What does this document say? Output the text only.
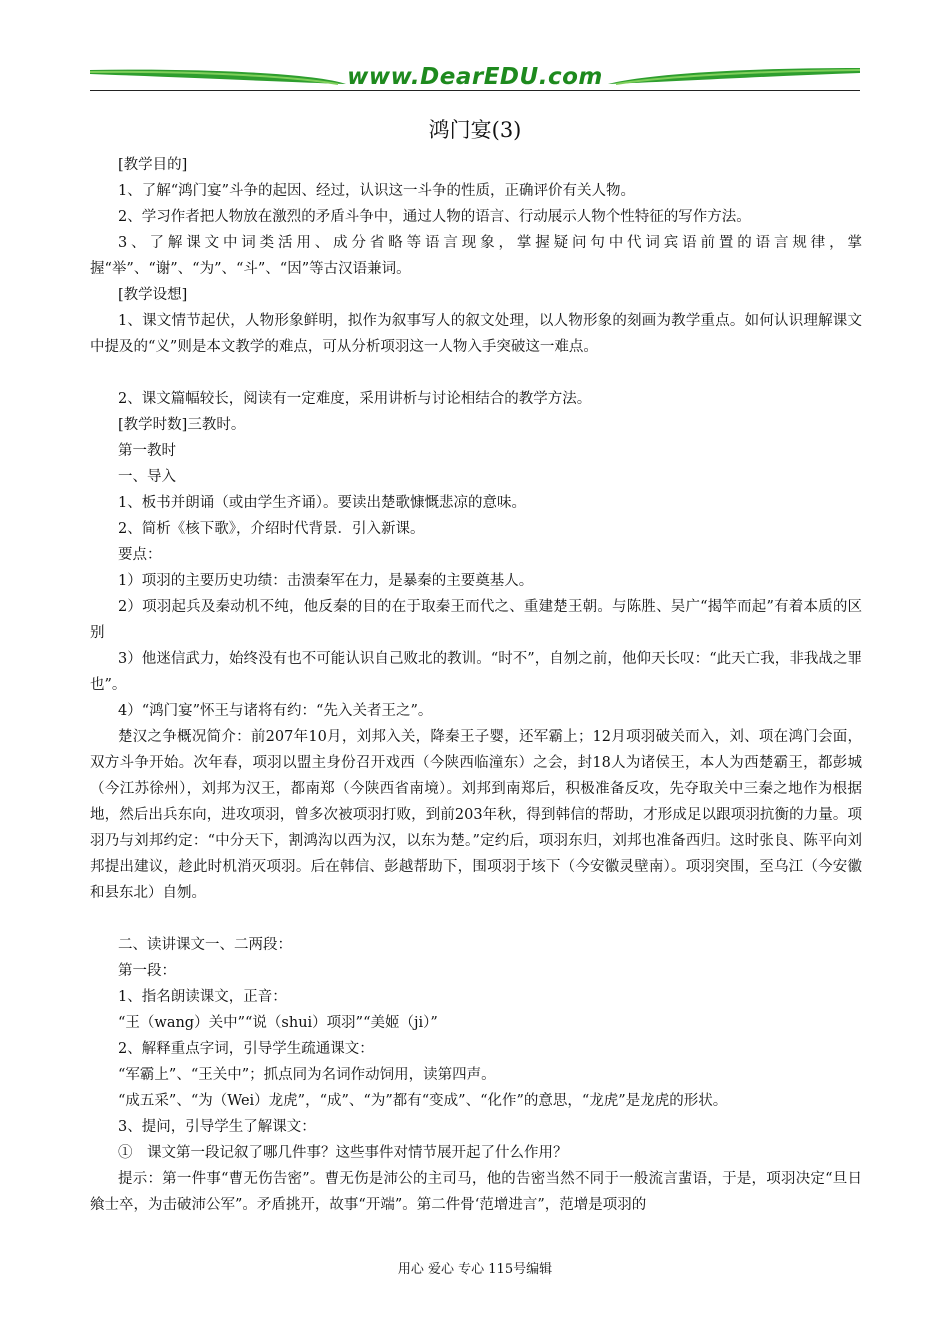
www.DearEDU.com
鸿门宴(3)

[教学目的]

1、了解“鸿门宴”斗争的起因、经过，认识这一斗争的性质，正确评价有关人物。

2、学习作者把人物放在激烈的矛盾斗争中，通过人物的语言、行动展示人物个性特征的写作方法。

3、了解课文中词类活用、成分省略等语言现象，掌握疑问句中代词宾语前置的语言规律，掌握“举”、“谢”、“为”、“斗”、“因”等古汉语兼词。

[教学设想]

1、课文情节起伏，人物形象鲜明，拟作为叙事写人的叙文处理，以人物形象的刻画为教学重点。如何认识理解课文中提及的“义”则是本文教学的难点，可从分析项羽这一人物入手突破这一难点。

2、课文篇幅较长，阅读有一定难度，采用讲析与讨论相结合的教学方法。

[教学时数]三教时。

第一教时

一、导入

1、板书并朗诵（或由学生齐诵）。要读出楚歌慷慨悲凉的意味。

2、简析《核下歌》，介绍时代背景．引入新课。

要点：

1）项羽的主要历史功绩：击溃秦军在力，是暴秦的主要奠基人。

2）项羽起兵及秦动机不纯，他反秦的目的在于取秦王而代之、重建楚王朝。与陈胜、吴广“揭竿而起”有着本质的区别

3）他迷信武力，始终没有也不可能认识自己败北的教训。“时不”，自刎之前，他仰天长叹：“此天亡我，非我战之罪也”。

4）“鸿门宴”怀王与诸将有约：“先入关者王之”。

楚汉之争概况简介：前207年10月，刘邦入关，降秦王子婴，还军霸上；12月项羽破关而入，刘、项在鸿门会面，双方斗争开始。次年春，项羽以盟主身份召开戏西（今陕西临潼东）之会，封18人为诸侯王，本人为西楚霸王，都彭城（今江苏徐州），刘邦为汉王，都南郑（今陕西省南境）。刘邦到南郑后，积极准备反攻，先夺取关中三秦之地作为根据地，然后出兵东向，进攻项羽，曾多次被项羽打败，到前203年秋，得到韩信的帮助，才形成足以跟项羽抗衡的力量。项羽乃与刘邦约定：“中分天下，割鸿沟以西为汉，以东为楚。”定约后，项羽东归，刘邦也准备西归。这时张良、陈平向刘邦提出建议，趁此时机消灭项羽。后在韩信、彭越帮助下，围项羽于垓下（今安徽灵壁南）。项羽突围，至乌江（今安徽和县东北）自刎。

二、读讲课文一、二两段：

第一段：

1、指名朗读课文，正音：

“王（wang）关中”“说（shui）项羽”“美姬（ji）”

2、解释重点字词，引导学生疏通课文：

“军霸上”、“王关中”；抓点同为名词作动饲用，读第四声。

“成五采”、“为（Wei）龙虎”，“成”、“为”都有“变成”、“化作”的意思，“龙虎”是龙虎的形状。

3、提问，引导学生了解课文：

①　课文第一段记叙了哪几件事？这些事件对情节展开起了什么作用？

提示：第一件事“曹无伤告密”。曹无伤是沛公的主司马，他的告密当然不同于一般流言蜚语，于是，项羽决定“旦日飨士卒，为击破沛公军”。矛盾挑开，故事“开端”。第二件骨‘范增进言”，范增是项羽的

用心 爱心 专心 115号编辑
